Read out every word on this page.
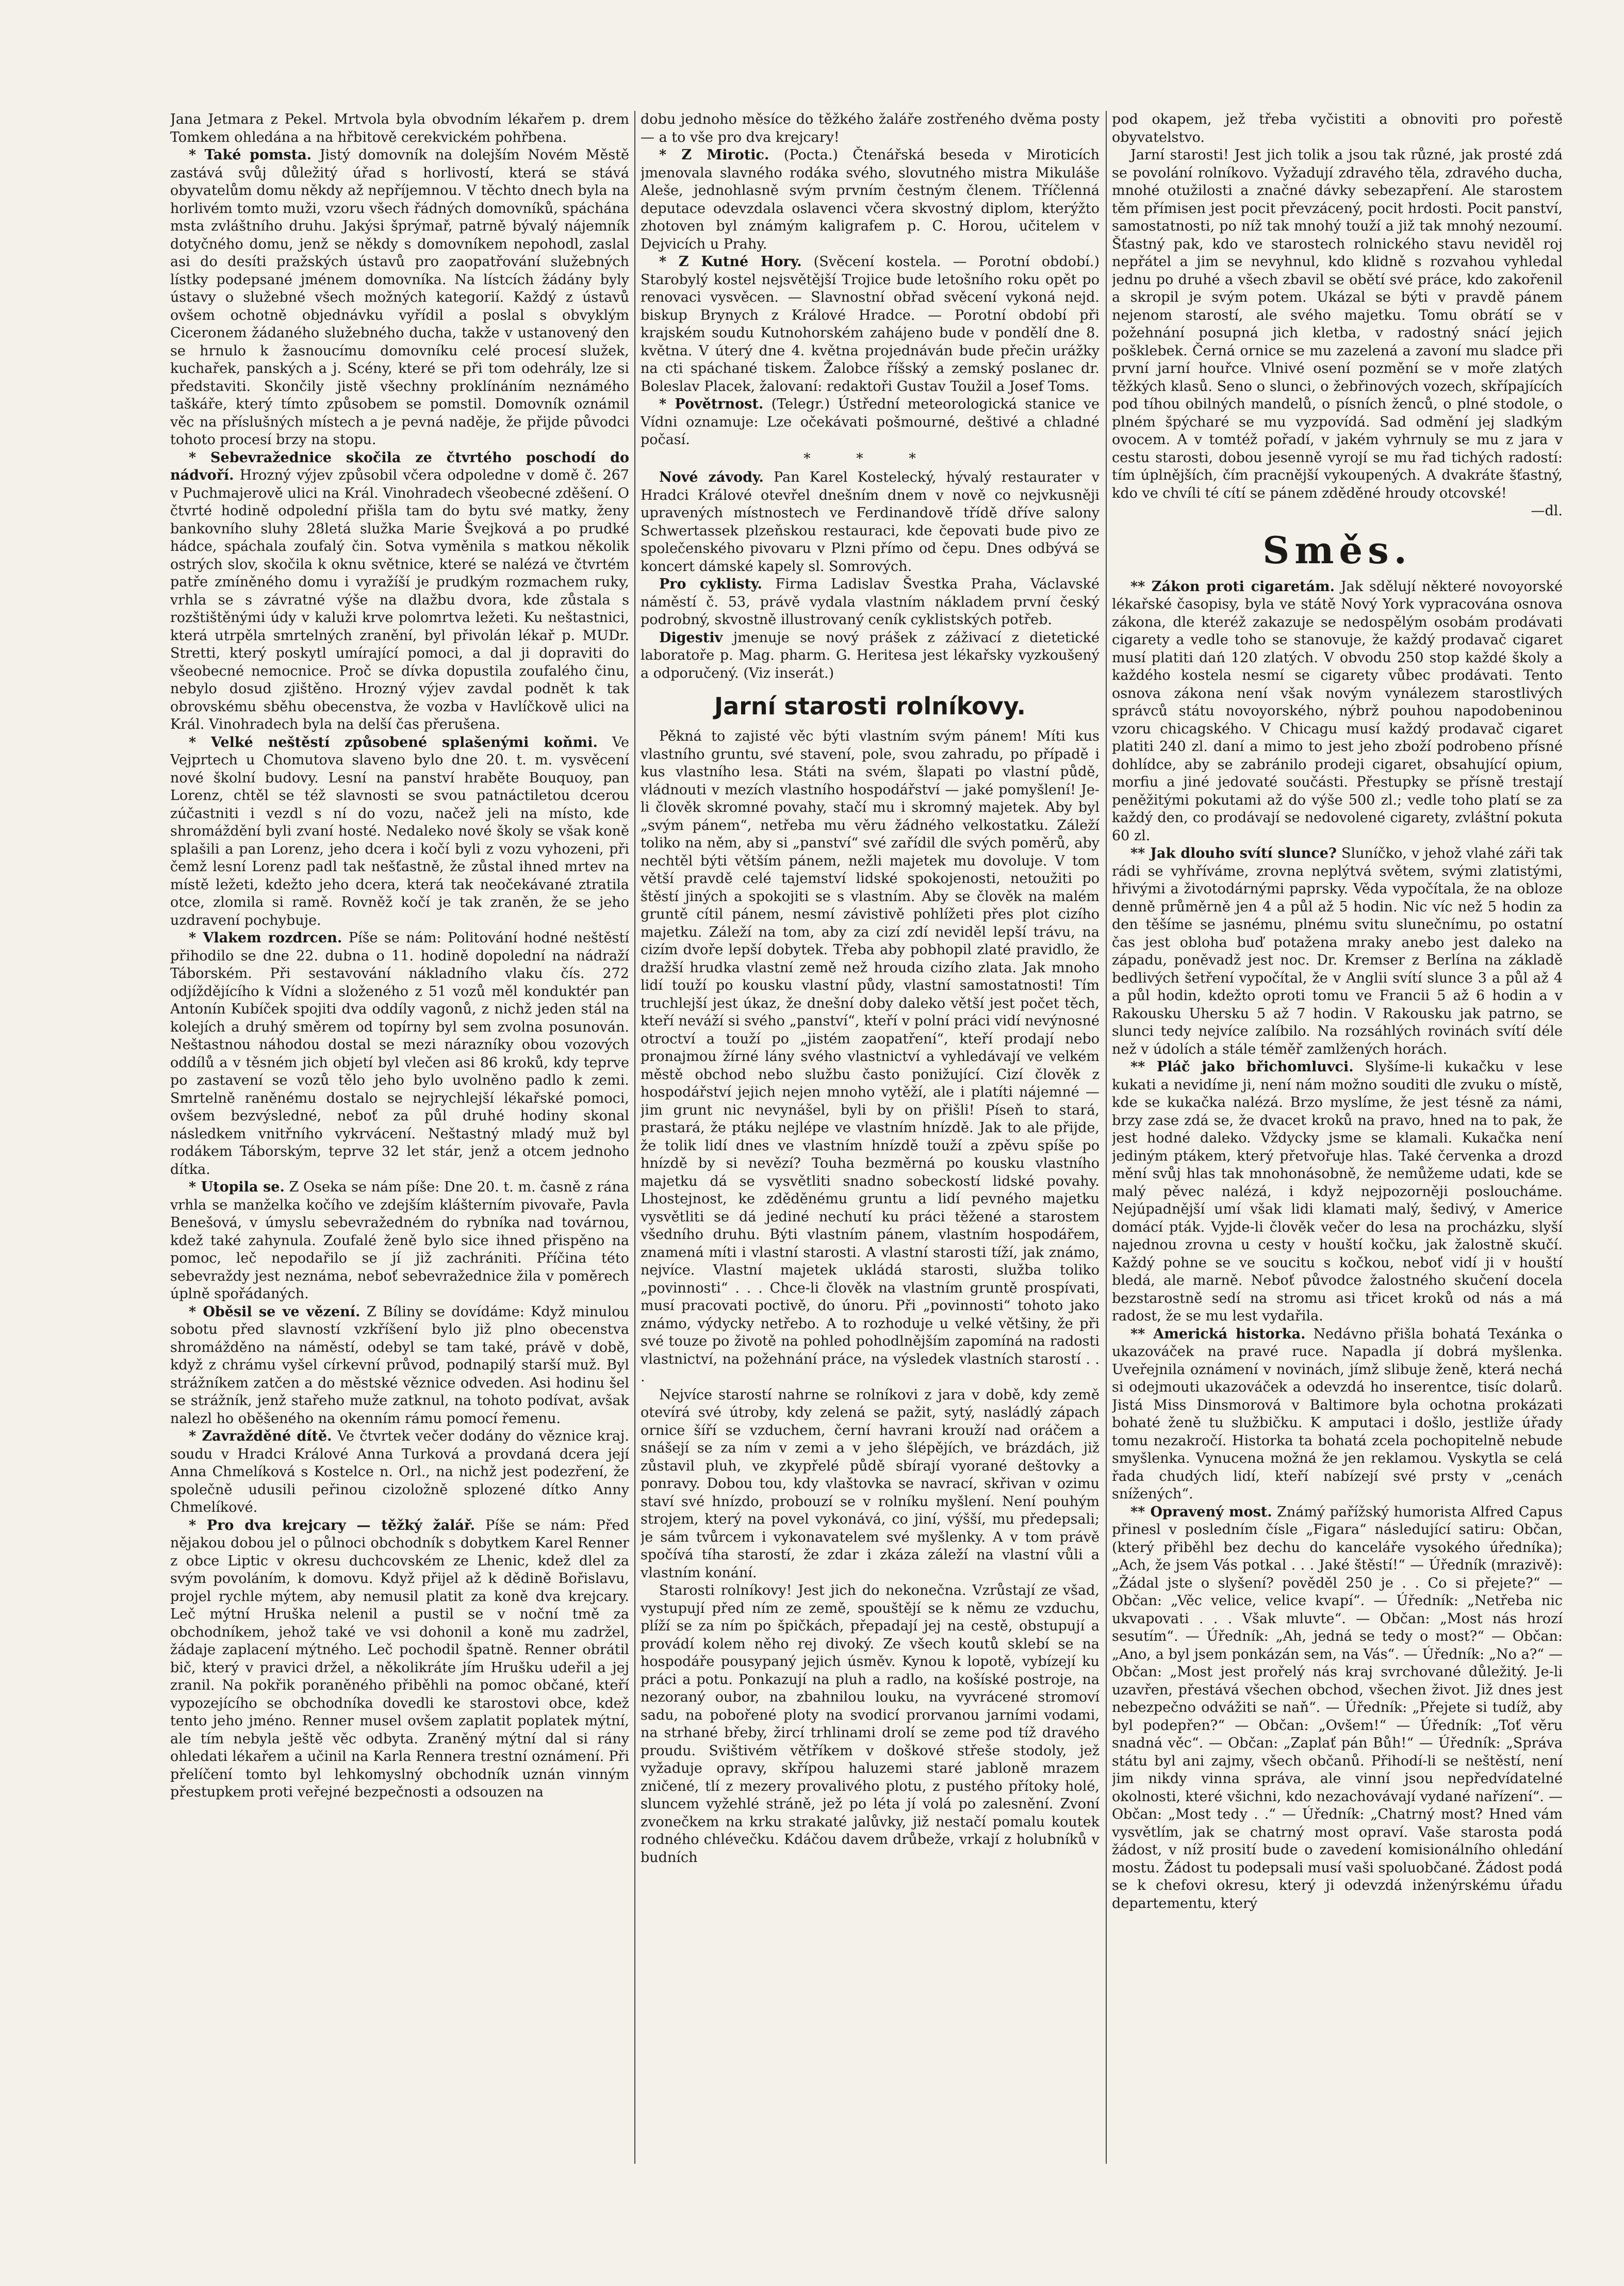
Jana Jetmara z Pekel. Mrtvola byla obvodním lékařem p. drem Tomkem ohledána a na hřbitově cerekvickém pohřbena.

* Také pomsta. Jistý domovník na dolejším Novém Městě zastává svůj důležitý úřad s horlivostí, která se stává obyvatelům domu někdy až nepříjemnou. V těchto dnech byla na horlivém tomto muži, vzoru všech řádných domovníků, spáchána msta zvláštního druhu. Jakýsi šprýmař, patrně bývalý nájemník dotyčného domu, jenž se někdy s domovníkem nepohodl, zaslal asi do desíti pražských ústavů pro zaopatřování služebných lístky podepsané jménem domovníka. Na lístcích žádány byly ústavy o služebné všech možných kategorií. Každý z ústavů ovšem ochotně objednávku vyřídil a poslal s obvyklým Ciceronem žádaného služebného ducha, takže v ustanovený den se hrnulo k žasnoucímu domovníku celé procesí služek, kuchařek, panských a j. Scény, které se při tom odehrály, lze si představiti. Skončily jistě všechny proklínáním neznámého taškáře, který tímto způsobem se pomstil. Domovník oznámil věc na příslušných místech a je pevná naděje, že přijde původci tohoto procesí brzy na stopu.

* Sebevražednice skočila ze čtvrtého poschodí do nádvoří. Hrozný výjev způsobil včera odpoledne v domě č. 267 v Puchmajerově ulici na Král. Vinohradech všeobecné zděšení. O čtvrté hodině odpolední přišla tam do bytu své matky, ženy bankovního sluhy 28letá služka Marie Švejková a po prudké hádce, spáchala zoufalý čin. Sotva vyměnila s matkou několik ostrých slov, skočila k oknu světnice, které se nalézá ve čtvrtém patře zmíněného domu i vyražíší je prudkým rozmachem ruky, vrhla se s závratné výše na dlažbu dvora, kde zůstala s rozštištěnými údy v kaluži krve polomrtva ležeti. Ku neštastnici, která utrpěla smrtelných zranění, byl přivolán lékař p. MUDr. Stretti, který poskytl umírající pomoci, a dal ji dopraviti do všeobecné nemocnice. Proč se dívka dopustila zoufalého činu, nebylo dosud zjištěno. Hrozný výjev zavdal podnět k tak obrovskému sběhu obecenstva, že vozba v Havlíčkově ulici na Král. Vinohradech byla na delší čas přerušena.

* Velké neštěstí způsobené splašenými koňmi. Ve Vejprtech u Chomutova slaveno bylo dne 20. t. m. vysvěcení nové školní budovy. Lesní na panství hraběte Bouquoy, pan Lorenz, chtěl se též slavnosti se svou patnáctiletou dcerou zúčastniti i vezdl s ní do vozu, načež jeli na místo, kde shromáždění byli zvaní hosté. Nedaleko nové školy se však koně splašili a pan Lorenz, jeho dcera i kočí byli z vozu vyhozeni, při čemž lesní Lorenz padl tak nešťastně, že zůstal ihned mrtev na místě ležeti, kdežto jeho dcera, která tak neočekávané ztratila otce, zlomila si ramě. Rovněž kočí je tak zraněn, že se jeho uzdravení pochybuje.

* Vlakem rozdrcen. Píše se nám: Politování hodné neštěstí přihodilo se dne 22. dubna o 11. hodině dopolední na nádraží Táborském. Při sestavování nákladního vlaku čís. 272 odjíždějícího k Vídni a složeného z 51 vozů měl konduktér pan Antonín Kubíček spojiti dva oddíly vagonů, z nichž jeden stál na kolejích a druhý směrem od topírny byl sem zvolna posunován. Neštastnou náhodou dostal se mezi nárazníky obou vozových oddílů a v těsném jich objetí byl vlečen asi 86 kroků, kdy teprve po zastavení se vozů tělo jeho bylo uvolněno padlo k zemi. Smrtelně raněnému dostalo se nejrychlejší lékařské pomoci, ovšem bezvýsledné, neboť za půl druhé hodiny skonal následkem vnitřního vykrvácení. Neštastný mladý muž byl rodákem Táborským, teprve 32 let stár, jenž a otcem jednoho dítka.

* Utopila se. Z Oseka se nám píše: Dne 20. t. m. časně z rána vrhla se manželka kočího ve zdejším klášterním pivovaře, Pavla Benešová, v úmyslu sebevražedném do rybníka nad továrnou, kdež také zahynula. Zoufalé ženě bylo sice ihned přispěno na pomoc, leč nepodařilo se jí již zachrániti. Příčina této sebevraždy jest neznáma, neboť sebevražednice žila v poměrech úplně spořádaných.

* Oběsil se ve vězení. Z Bíliny se dovídáme: Když minulou sobotu před slavností vzkříšení bylo již plno obecenstva shromážděno na náměstí, odebyl se tam také, právě v době, když z chrámu vyšel církevní průvod, podnapilý starší muž. Byl strážníkem zatčen a do městské věznice odveden. Asi hodinu šel se strážník, jenž stařeho muže zatknul, na tohoto podívat, avšak nalezl ho oběšeného na okenním rámu pomocí řemenu.

* Zavražděné dítě. Ve čtvrtek večer dodány do věznice kraj. soudu v Hradci Králové Anna Turková a provdaná dcera její Anna Chmelíková s Kostelce n. Orl., na nichž jest podezření, že společně udusili peřinou cizoložně splozené dítko Anny Chmelíkové.

* Pro dva krejcary — těžký žalář. Píše se nám: Před nějakou dobou jel o půlnoci obchodník s dobytkem Karel Renner z obce Liptic v okresu duchcovském ze Lhenic, kdež dlel za svým povoláním, k domovu. Když přijel až k dědině Bořislavu, projel rychle mýtem, aby nemusil platit za koně dva krejcary. Leč mýtní Hruška nelenil a pustil se v noční tmě za obchodníkem, jehož také ve vsi dohonil a koně mu zadržel, žádaje zaplacení mýtného. Leč pochodil špatně. Renner obrátil bič, který v pravici držel, a několikráte jím Hrušku udeřil a jej zranil. Na pokřik poraněného přiběhli na pomoc občané, kteří vypozejícího se obchodníka dovedli ke starostovi obce, kdež tento jeho jméno. Renner musel ovšem zaplatit poplatek mýtní, ale tím nebyla ještě věc odbyta. Zraněný mýtní dal si rány ohledati lékařem a učinil na Karla Rennera trestní oznámení. Při přelíčení tomto byl lehkomyslný obchodník uznán vinným přestupkem proti veřejné bezpečnosti a odsouzen na

dobu jednoho měsíce do těžkého žaláře zostřeného dvěma posty — a to vše pro dva krejcary!

* Z Mirotic. (Pocta.) Čtenářská beseda v Miroticích jmenovala slavného rodáka svého, slovutného mistra Mikuláše Aleše, jednohlasně svým prvním čestným členem. Tříčlenná deputace odevzdala oslavenci včera skvostný diplom, kterýžto zhotoven byl známým kaligrafem p. C. Horou, učitelem v Dejvicích u Prahy.

* Z Kutné Hory. (Svěcení kostela. — Porotní období.) Starobylý kostel nejsvětější Trojice bude letošního roku opět po renovaci vysvěcen. — Slavnostní obřad svěcení vykoná nejd. biskup Brynych z Králové Hradce. — Porotní období při krajském soudu Kutnohorském zahájeno bude v pondělí dne 8. května. V úterý dne 4. května projednáván bude přečin urážky na cti spáchané tiskem. Žalobce říšský a zemský poslanec dr. Boleslav Placek, žalovaní: redaktoři Gustav Toužil a Josef Toms.

* Povětrnost. (Telegr.) Ústřední meteorologická stanice ve Vídni oznamuje: Lze očekávati pošmourné, deštivé a chladné počasí.

* * *

Nové závody. Pan Karel Kostelecký, hývalý restaurater v Hradci Králové otevřel dnešním dnem v nově co nejvkusněji upravených místnostech ve Ferdinandově třídě dříve salony Schwertassek plzeňskou restauraci, kde čepovati bude pivo ze společenského pivovaru v Plzni přímo od čepu. Dnes odbývá se koncert dámské kapely sl. Somrových.

Pro cyklisty. Firma Ladislav Švestka Praha, Václavské náměstí č. 53, právě vydala vlastním nákladem první český podrobný, skvostně illustrovaný ceník cyklistských potřeb.

Digestiv jmenuje se nový prášek z záživací z dietetické laboratoře p. Mag. pharm. G. Heritesa jest lékařsky vyzkoušený a odporučený. (Viz inserát.)

Jarní starosti rolníkovy.

Pěkná to zajisté věc býti vlastním svým pánem! Míti kus vlastního gruntu, své stavení, pole, svou zahradu, po případě i kus vlastního lesa. Státi na svém, šlapati po vlastní půdě, vládnouti v mezích vlastního hospodářství — jaké pomyšlení! Je-li člověk skromné povahy, stačí mu i skromný majetek. Aby byl „svým pánem“, netřeba mu věru žádného velkostatku. Záleží toliko na něm, aby si „panství“ své zařídil dle svých poměrů, aby nechtěl býti větším pánem, nežli majetek mu dovoluje. V tom větší pravdě celé tajemství lidské spokojenosti, netoužiti po štěstí jiných a spokojiti se s vlastním. Aby se člověk na malém gruntě cítil pánem, nesmí závistivě pohlížeti přes plot cizího majetku. Záleží na tom, aby za cizí zdí neviděl lepší trávu, na cizím dvoře lepší dobytek. Třeba aby pobhopil zlaté pravidlo, že dražší hrudka vlastní země než hrouda cizího zlata. Jak mnoho lidí touží po kousku vlastní půdy, vlastní samostatnosti! Tím truchlejší jest úkaz, že dnešní doby daleko větší jest počet těch, kteří neváží si svého „panství“, kteří v polní práci vidí nevýnosné otroctví a touží po „jistém zaopatření“, kteří prodají nebo pronajmou žírné lány svého vlastnictví a vyhledávají ve velkém městě obchod nebo službu často ponižující. Cizí člověk z hospodářství jejich nejen mnoho vytěží, ale i platíti nájemné — jim grunt nic nevynášel, byli by on přišli! Píseň to stará, prastará, že ptáku nejlépe ve vlastním hnízdě. Jak to ale přijde, že tolik lidí dnes ve vlastním hnízdě touží a zpěvu spíše po hnízdě by si nevězí? Touha bezměrná po kousku vlastního majetku dá se vysvětliti snadno sobeckostí lidské povahy. Lhostejnost, ke zděděnému gruntu a lidí pevného majetku vysvětliti se dá jediné nechutí ku práci těžené a starostem všedního druhu. Býti vlastním pánem, vlastním hospodářem, znamená míti i vlastní starosti. A vlastní starosti tíží, jak známo, nejvíce. Vlastní majetek ukládá starosti, služba toliko „povinnosti“ . . . Chce-li člověk na vlastním gruntě prospívati, musí pracovati poctivě, do únoru. Při „povinnosti“ tohoto jako známo, výdycky netřebo. A to rozhoduje u velké většiny, že při své touze po životě na pohled pohodlnějším zapomíná na radosti vlastnictví, na požehnání práce, na výsledek vlastních starostí . . .

Nejvíce starostí nahrne se rolníkovi z jara v době, kdy země otevírá své útroby, kdy zelená se pažit, sytý, nasládlý zápach ornice šíří se vzduchem, černí havrani krouží nad oráčem a snášejí se za ním v zemi a v jeho šlépějích, ve brázdách, již zůstavil pluh, ve zkypřelé půdě sbírají vyorané deštovky a ponravy. Dobou tou, kdy vlaštovka se navrací, skřivan v ozimu staví své hnízdo, probouzí se v rolníku myšlení. Není pouhým strojem, který na povel vykonává, co jiní, výšší, mu předepsali; je sám tvůrcem i vykonavatelem své myšlenky. A v tom právě spočívá tíha starostí, že zdar i zkáza záleží na vlastní vůli a vlastním konání.

Starosti rolníkovy! Jest jich do nekonečna. Vzrůstají ze všad, vystupují před ním ze země, spouštějí se k němu ze vzduchu, plíží se za ním po špičkách, přepadají jej na cestě, obstupují a provádí kolem něho rej divoký. Ze všech koutů sklebí se na hospodáře pousypaný jejich úsměv. Kynou k lopotě, vybízejí ku práci a potu. Ponkazují na pluh a radlo, na košíské postroje, na nezoraný oubor, na zbahnilou louku, na vyvrácené stromoví sadu, na pobořené ploty na svodicí prorvanou jarními vodami, na strhané břeby, žircí trhlinami drolí se zeme pod tíž dravého proudu. Svištivém větříkem v doškové střeše stodoly, jež vyžaduje opravy, skřípou haluzemi staré jabloně mrazem zničené, tlí z mezery provalivého plotu, z pustého přítoky holé, sluncem vyžehlé stráně, jež po léta jí volá po zalesnění. Zvoní zvonečkem na krku strakaté jalůvky, již nestačí pomalu koutek rodného chlévečku. Kdáčou davem drůbeže, vrkají z holubníků v budních

pod okapem, jež třeba vyčistiti a obnoviti pro pořestě obyvatelstvo.

Jarní starosti! Jest jich tolik a jsou tak různé, jak prosté zdá se povolání rolníkovo. Vyžadují zdravého těla, zdravého ducha, mnohé otužilosti a značné dávky sebezapření. Ale starostem těm přímisen jest pocit převzácený, pocit hrdosti. Pocit panství, samostatnosti, po níž tak mnohý touží a již tak mnohý nezoumí. Šťastný pak, kdo ve starostech rolnického stavu neviděl roj nepřátel a jim se nevyhnul, kdo klidně s rozvahou vyhledal jednu po druhé a všech zbavil se obětí své práce, kdo zakořenil a skropil je svým potem. Ukázal se býti v pravdě pánem nejenom starostí, ale svého majetku. Tomu obrátí se v požehnání posupná jich kletba, v radostný snácí jejich pošklebek. Černá ornice se mu zazelená a zavoní mu sladce při první jarní houřce. Vlnivé osení pozmění se v moře zlatých těžkých klasů. Seno o slunci, o žebřinových vozech, skřípajících pod tíhou obilných mandelů, o písních ženců, o plné stodole, o plném špýcharé se mu vyzpovídá. Sad odmění jej sladkým ovocem. A v tomtéž pořadí, v jakém vyhrnuly se mu z jara v cestu starosti, dobou jesenně vyrojí se mu řad tichých radostí: tím úplnějších, čím pracnější vykoupených. A dvakráte šťastný, kdo ve chvíli té cítí se pánem zděděné hroudy otcovské!

—dl.
Směs.

** Zákon proti cigaretám. Jak sdělují některé novoyorské lékařské časopisy, byla ve státě Nový York vypracována osnova zákona, dle kteréž zakazuje se nedospělým osobám prodávati cigarety a vedle toho se stanovuje, že každý prodavač cigaret musí platiti dań 120 zlatých. V obvodu 250 stop každé školy a každého kostela nesmí se cigarety vůbec prodávati. Tento osnova zákona není však novým vynálezem starostlivých správců státu novoyorského, nýbrž pouhou napodobeninou vzoru chicagského. V Chicagu musí každý prodavač cigaret platiti 240 zl. daní a mimo to jest jeho zboží podrobeno přísné dohlídce, aby se zabránilo prodeji cigaret, obsahující opium, morfiu a jiné jedovaté součásti. Přestupky se přísně trestají peněžitými pokutami až do výše 500 zl.; vedle toho platí se za každý den, co prodávají se nedovolené cigarety, zvláštní pokuta 60 zl.

** Jak dlouho svítí slunce? Sluníčko, v jehož vlahé záři tak rádi se vyhříváme, zrovna neplýtvá světem, svými zlatistými, hřivými a životodárnými paprsky. Věda vypočítala, že na obloze denně průměrně jen 4 a půl až 5 hodin. Nic víc než 5 hodin za den těšíme se jasnému, plnému svitu slunečnímu, po ostatní čas jest obloha buď potažena mraky anebo jest daleko na západu, poněvadž jest noc. Dr. Kremser z Berlína na základě bedlivých šetření vypočítal, že v Anglii svítí slunce 3 a půl až 4 a půl hodin, kdežto oproti tomu ve Francii 5 až 6 hodin a v Rakousku Uhersku 5 až 7 hodin. V Rakousku jak patrno, se slunci tedy nejvíce zalíbilo. Na rozsáhlých rovinách svítí déle než v údolích a stále téměř zamlžených horách.

** Pláč jako břichomluvci. Slyšíme-li kukačku v lese kukati a nevidíme ji, není nám možno souditi dle zvuku o místě, kde se kukačka nalézá. Brzo myslíme, že jest tésně za námi, brzy zase zdá se, že dvacet kroků na pravo, hned na to pak, že jest hodné daleko. Vždycky jsme se klamali. Kukačka není jediným ptákem, který přetvořuje hlas. Také červenka a drozd mění svůj hlas tak mnohonásobně, že nemůžeme udati, kde se malý pěvec nalézá, i když nejpozorněji posloucháme. Nejúpadnější umí však lidi klamati malý, šedivý, v Americe domácí pták. Vyjde-li člověk večer do lesa na procházku, slyší najednou zrovna u cesty v houští kočku, jak žalostně skučí. Každý pohne se ve soucitu s kočkou, neboť vidí ji v houští bledá, ale marně. Neboť původce žalostného skučení docela bezstarostně sedí na stromu asi třicet kroků od nás a má radost, že se mu lest vydařila.

** Americká historka. Nedávno přišla bohatá Texánka o ukazováček na pravé ruce. Napadla jí dobrá myšlenka. Uveřejnila oznámení v novinách, jímž slibuje ženě, která nechá si odejmouti ukazováček a odevzdá ho inserentce, tisíc dolarů. Jistá Miss Dinsmorová v Baltimore byla ochotna prokázati bohaté ženě tu službičku. K amputaci i došlo, jestliže úřady tomu nezakročí. Historka ta bohatá zcela pochopitelně nebude smyšlenka. Vynucena možná že jen reklamou. Vyskytla se celá řada chudých lidí, kteří nabízejí své prsty v „cenách snížených“.

** Opravený most. Známý pařížský humorista Alfred Capus přinesl v posledním čísle „Figara“ následující satiru: Občan, (který přiběhl bez dechu do kanceláře vysokého úředníka); „Ach, že jsem Vás potkal . . . Jaké štěstí!“ — Úředník (mrazivě): „Žádal jste o slyšení? pověděl 250 je . . Co si přejete?“ — Občan: „Věc velice, velice kvapí“. — Úředník: „Netřeba nic ukvapovati . . . Však mluvte“. — Občan: „Most nás hrozí sesutím“. — Úředník: „Ah, jedná se tedy o most?“ — Občan: „Ano, a byl jsem ponkázán sem, na Vás“. — Úředník: „No a?“ — Občan: „Most jest prořelý nás kraj svrchované důležitý. Je-li uzavřen, přestává všechen obchod, všechen život. Již dnes jest nebezpečno odvážiti se naň“. — Úředník: „Přejete si tudíž, aby byl podepřen?“ — Občan: „Ovšem!“ — Úředník: „Toť věru snadná věc“. — Občan: „Zaplať pán Bůh!“ — Úředník: „Správa státu byl ani zajmy, všech občanů. Přihodí-li se neštěstí, není jim nikdy vinna správa, ale vinní jsou nepředvídatelné okolnosti, které všichni, kdo nezachovávají vydané nařízení“. — Občan: „Most tedy . .“ — Úředník: „Chatrný most? Hned vám vysvětlím, jak se chatrný most opraví. Vaše starosta podá žádost, v níž prosití bude o zavedení komisionálního ohledání mostu. Žádost tu podepsali musí vaši spoluobčané. Žádost podá se k chefovi okresu, který ji odevzdá inženýrskému úřadu departementu, který
